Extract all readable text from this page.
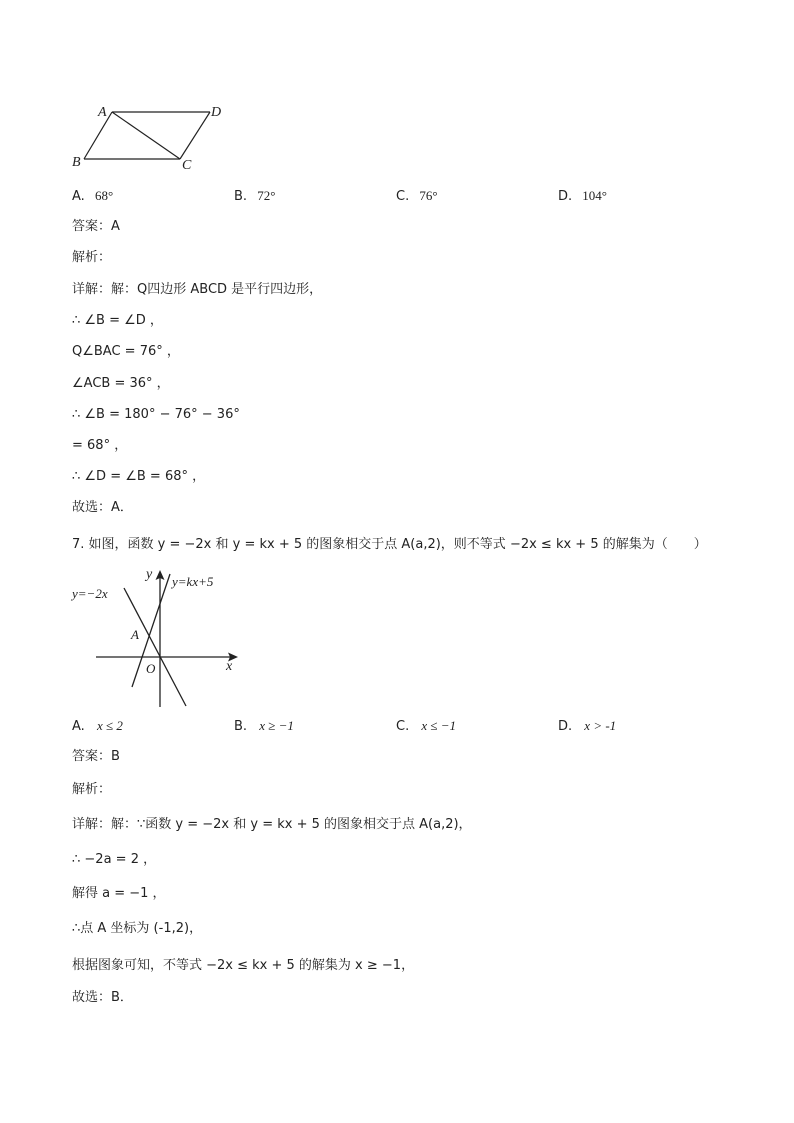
A	D
B	C
A. 68°	B. 72°	C. 76°	D. 104°
答案：A
解析：
详解：解：Q四边形 ABCD 是平行四边形，
∴ ∠B = ∠D ，
Q∠BAC = 76° ，
∠ACB = 36° ，
∴ ∠B = 180° − 76° − 36°
= 68° ，
∴ ∠D = ∠B = 68° ，
故选：A．
7. 如图，函数 y = −2x 和 y = kx + 5 的图象相交于点 A(a,2)，则不等式 −2x ≤ kx + 5 的解集为（　　）
y=−2x
y=kx+5
y
x
O
A
A. x ≤ 2	B. x ≥ −1	C. x ≤ −1	D. x > -1
答案：B
解析：
详解：解：∵函数 y = −2x 和 y = kx + 5 的图象相交于点 A(a,2)，
∴ −2a = 2 ，
解得 a = −1 ，
∴点 A 坐标为 (-1,2)，
根据图象可知，不等式 −2x ≤ kx + 5 的解集为 x ≥ −1，
故选：B．
